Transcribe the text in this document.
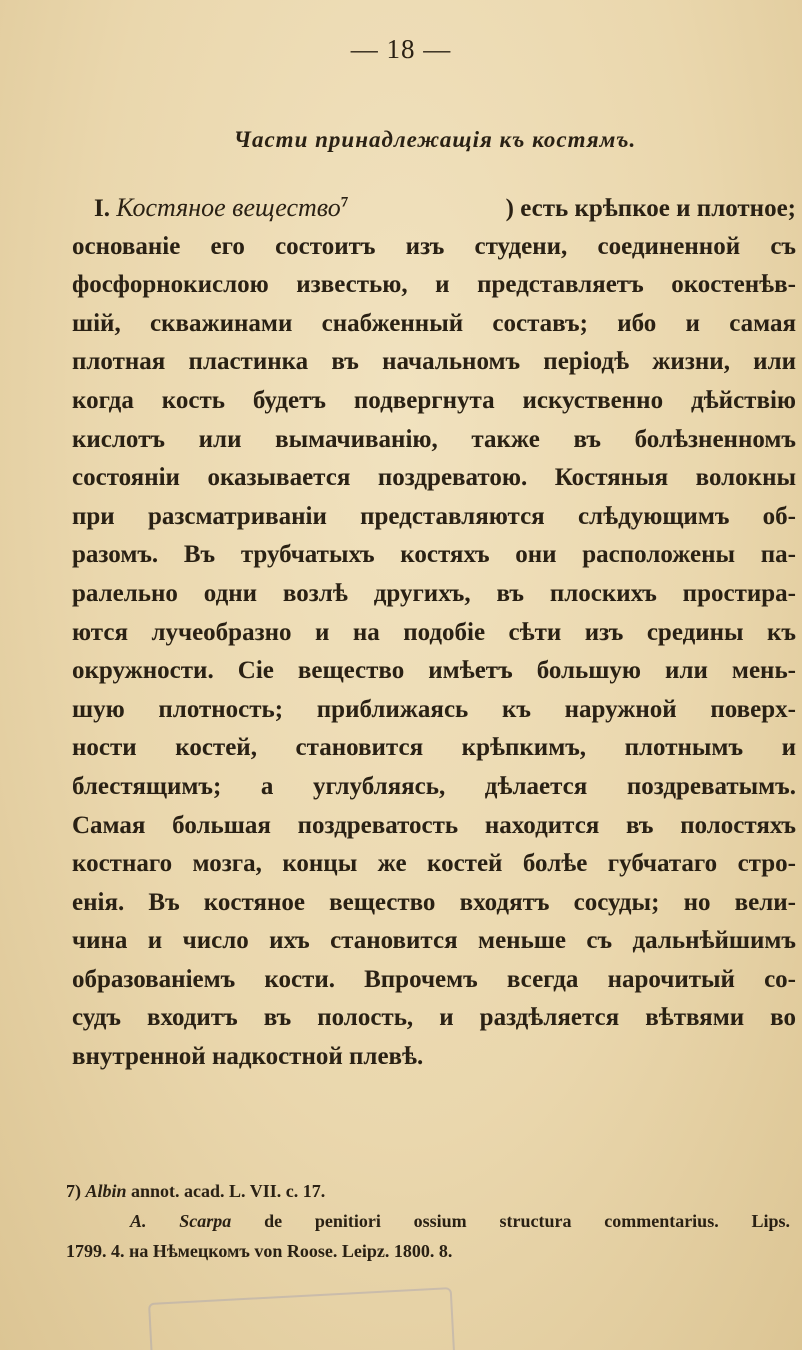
— 18 —
Части принадлежащія къ костямъ.
I. Костяное вещество$^7$	) есть крѣпкое и плотное;
основаніе его состоитъ изъ студени, соединенной съ
фосфорнокислою известью, и представляетъ окостенѣв-
шій, скважинами снабженный составъ; ибо и самая
плотная пластинка въ начальномъ періодѣ жизни, или
когда кость будетъ подвергнута искуственно дѣйствію
кислотъ или вымачиванію, также въ болѣзненномъ
состояніи оказывается поздреватою. Костяныя волокны
при разсматриваніи представляются слѣдующимъ об-
разомъ. Въ трубчатыхъ костяхъ они расположены па-
ралельно одни возлѣ другихъ, въ плоскихъ простира-
ются лучеобразно и на подобіе сѣти изъ средины къ
окружности. Сіе вещество имѣетъ большую или мень-
шую плотность; приближаясь къ наружной поверх-
ности костей, становится крѣпкимъ, плотнымъ и
блестящимъ; а углубляясь, дѣлается поздреватымъ.
Самая большая поздреватость находится въ полостяхъ
костнаго мозга, концы же костей болѣе губчатаго стро-
енія. Въ костяное вещество входятъ сосуды; но вели-
чина и число ихъ становится меньше съ дальнѣйшимъ
образованіемъ кости. Впрочемъ всегда нарочитый со-
судъ входитъ въ полость, и раздѣляется вѣтвями во
внутренной надкостной плевѣ.
7) Albin annot. acad. L. VII. c. 17.
A. Scarpa de penitiori ossium structura commentarius. Lips.
1799. 4. на Нѣмецкомъ von Roose. Leipz. 1800. 8.
